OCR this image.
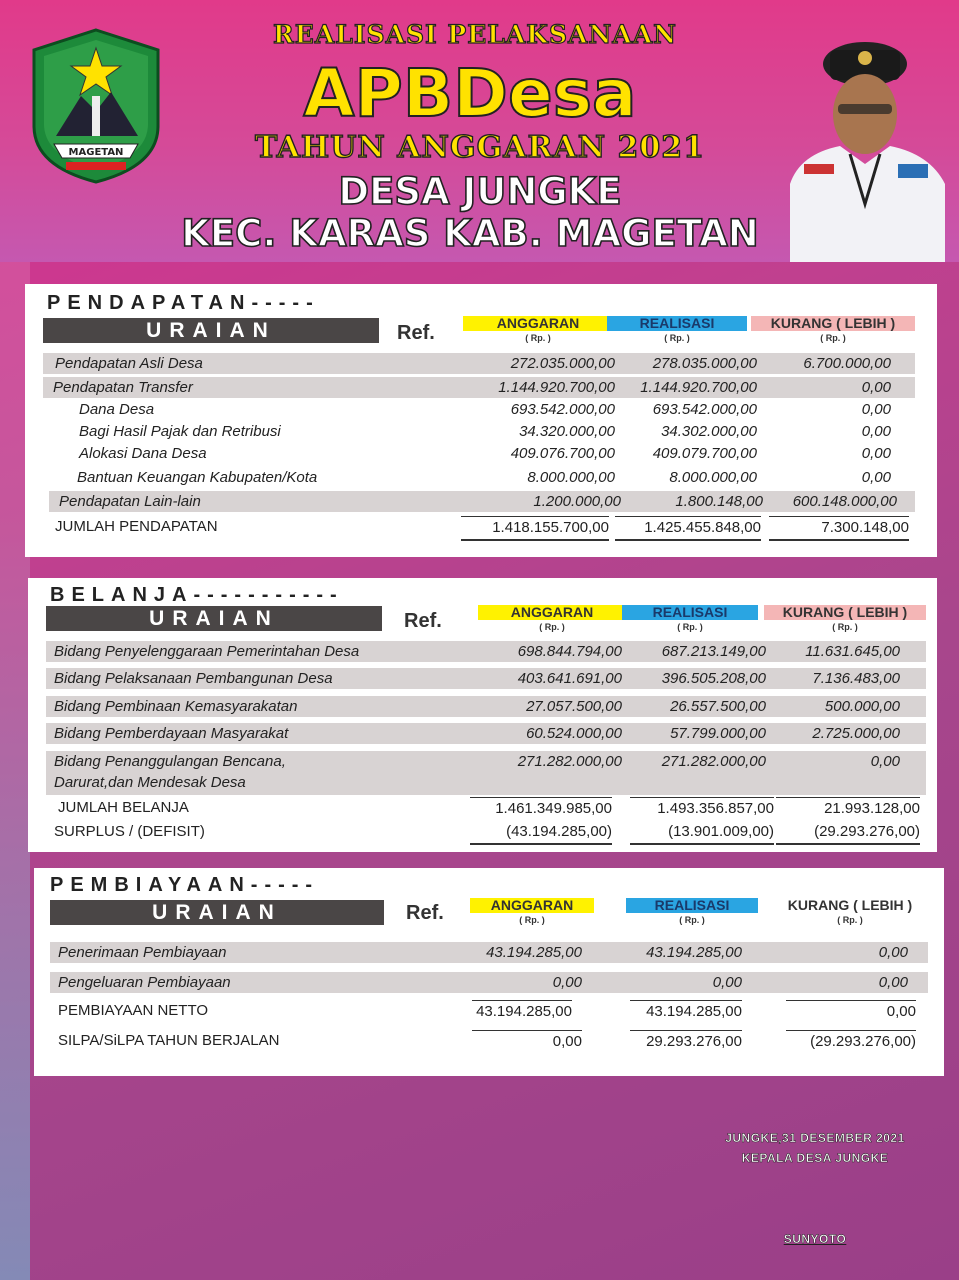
MAGETAN
REALISASI PELAKSANAAN
APBDesa
TAHUN ANGGARAN 2021
DESA JUNGKE
KEC. KARAS KAB. MAGETAN
PENDAPATAN-----
URAIAN	Ref.	ANGGARAN
( Rp. )
REALISASI
( Rp. )
KURANG ( LEBIH )
( Rp. )
Pendapatan Asli Desa	272.035.000,00	278.035.000,00	6.700.000,00
Pendapatan Transfer	1.144.920.700,00 1.144.920.700,00	0,00
Dana Desa	693.542.000,00	693.542.000,00	0,00
Bagi Hasil Pajak dan Retribusi	34.320.000,00	34.302.000,00	0,00
Alokasi Dana Desa	409.076.700,00	409.079.700,00	0,00
Bantuan Keuangan Kabupaten/Kota	8.000.000,00	8.000.000,00	0,00
Pendapatan Lain-lain	1.200.000,00	1.800.148,00 600.148.000,00
JUMLAH PENDAPATAN	1.418.155.700,00	1.425.455.848,00	7.300.148,00
BELANJA-----------
URAIAN	Ref.	ANGGARAN
( Rp. )
REALISASI
( Rp. )
KURANG ( LEBIH )
( Rp. )
Bidang Penyelenggaraan Pemerintahan Desa	698.844.794,00	687.213.149,00	11.631.645,00
Bidang Pelaksanaan Pembangunan Desa	403.641.691,00	396.505.208,00	7.136.483,00
Bidang Pembinaan Kemasyarakatan	27.057.500,00	26.557.500,00	500.000,00
Bidang Pemberdayaan Masyarakat	60.524.000,00	57.799.000,00	2.725.000,00
Bidang Penanggulangan Bencana,
Darurat,dan Mendesak Desa
271.282.000,00	271.282.000,00	0,00
JUMLAH BELANJA	1.461.349.985,00	1.493.356.857,00	21.993.128,00
SURPLUS / (DEFISIT)	(43.194.285,00)	(13.901.009,00)	(29.293.276,00)
PEMBIAYAAN-----
URAIAN	Ref.	ANGGARAN
( Rp. )
REALISASI
( Rp. )
KURANG ( LEBIH )
( Rp. )
Penerimaan Pembiayaan	43.194.285,00	43.194.285,00	0,00
Pengeluaran Pembiayaan	0,00	0,00	0,00
PEMBIAYAAN NETTO	43.194.285,00	43.194.285,00	0,00
SILPA/SiLPA TAHUN BERJALAN	0,00	29.293.276,00	(29.293.276,00)
JUNGKE,31 DESEMBER 2021
KEPALA DESA JUNGKE
SUNYOTO
